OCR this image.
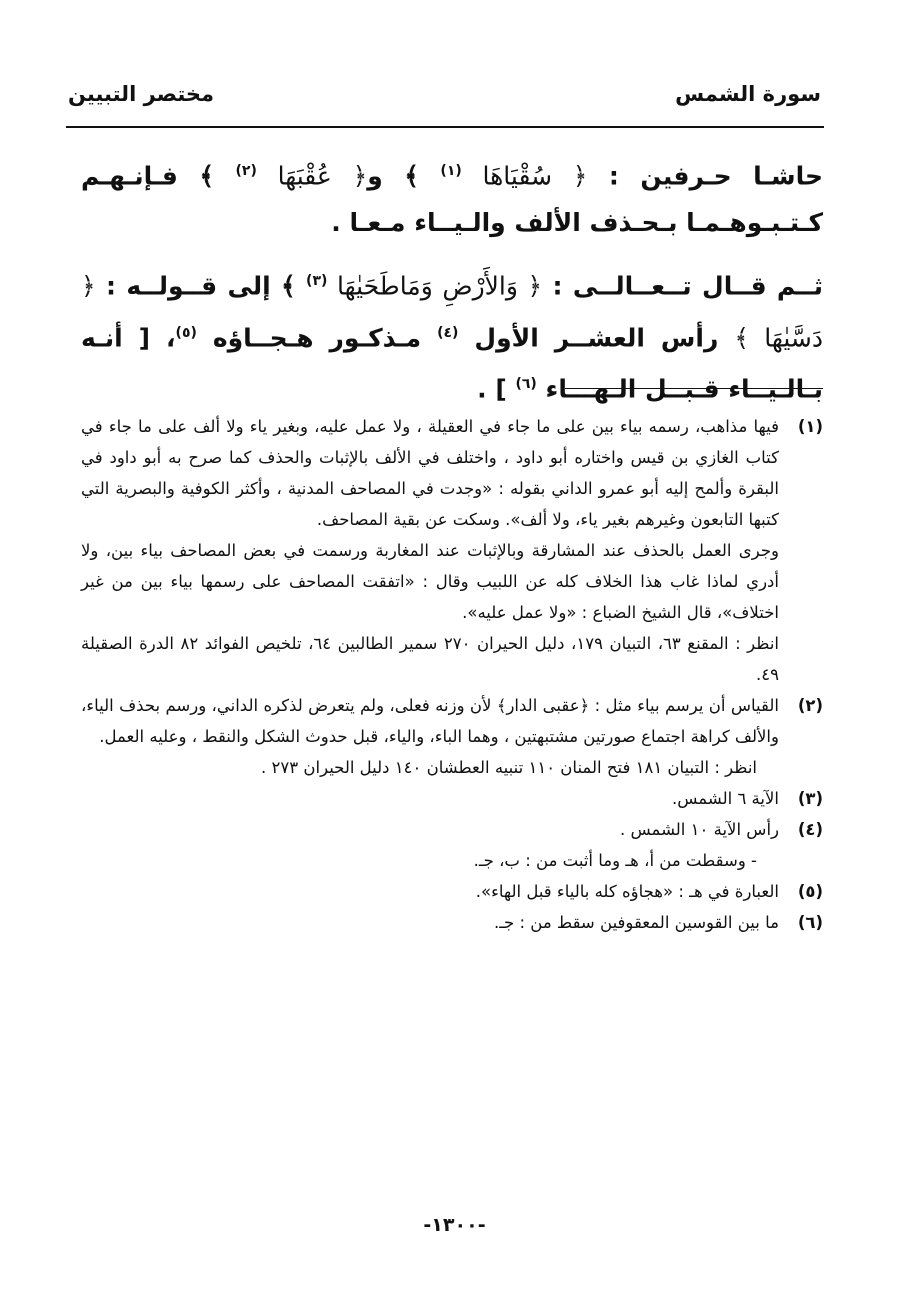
سورة الشمس
مختصر التبيين

حاشـا حـرفين : ﴿ سُقْيَاهَا $^{(١)}$ ﴾ و﴿ عُقْبَهَا $^{(٢)}$ ﴾ فـإنـهـم كـتـبـوهـمـا بـحـذف الألف والـيــاء مـعـا .

ثــم قــال تــعــالــى : ﴿ وَالأَرْضِ وَمَاطَحَيٰهَا $^{(٣)}$ ﴾ إلى قــولــه : ﴿ دَسَّيٰهَا ﴾ رأس العشــر الأول $^{(٤)}$ مـذكـور هـجــاؤه $^{(٥)}$، [ أنـه بـالـيــاء قـبــل الـهـــاء $^{(٦)}$ ] .

(١)

فيها مذاهب، رسمه بياء بين على ما جاء في العقيلة ، ولا عمل عليه، وبغير ياء ولا ألف على ما جاء في كتاب الغازي بن قيس واختاره أبو داود ، واختلف في الألف بالإثبات والحذف كما صرح به أبو داود في البقرة وألمح إليه أبو عمرو الداني بقوله : «وجدت في المصاحف المدنية ، وأكثر الكوفية والبصرية التي كتبها التابعون وغيرهم بغير ياء، ولا ألف». وسكت عن بقية المصاحف.

وجرى العمل بالحذف عند المشارقة وبالإثبات عند المغاربة ورسمت في بعض المصاحف بياء بين، ولا أدري لماذا غاب هذا الخلاف كله عن اللبيب وقال : «اتفقت المصاحف على رسمها بياء بين من غير اختلاف»، قال الشيخ الضباع : «ولا عمل عليه».

انظر : المقنع ٦٣، التبيان ١٧٩، دليل الحيران ٢٧٠ سمير الطالبين ٦٤، تلخيص الفوائد ٨٢ الدرة الصقيلة ٤٩.

(٢)

القياس أن يرسم بياء مثل : ﴿عقبى الدار﴾ لأن وزنه فعلى، ولم يتعرض لذكره الداني، ورسم بحذف الياء، والألف كراهة اجتماع صورتين مشتبهتين ، وهما الباء، والياء، قبل حدوث الشكل والنقط ، وعليه العمل.

انظر : التبيان ١٨١ فتح المنان ١١٠ تنبيه العطشان ١٤٠ دليل الحيران ٢٧٣ .

(٣)

الآية ٦ الشمس.

(٤)

رأس الآية ١٠ الشمس .

- وسقطت من أ، هـ وما أثبت من : ب، جـ.

(٥)

العبارة في هـ : «هجاؤه كله بالياء قبل الهاء».

(٦)

ما بين القوسين المعقوفين سقط من : جـ.

-١٣٠٠-
